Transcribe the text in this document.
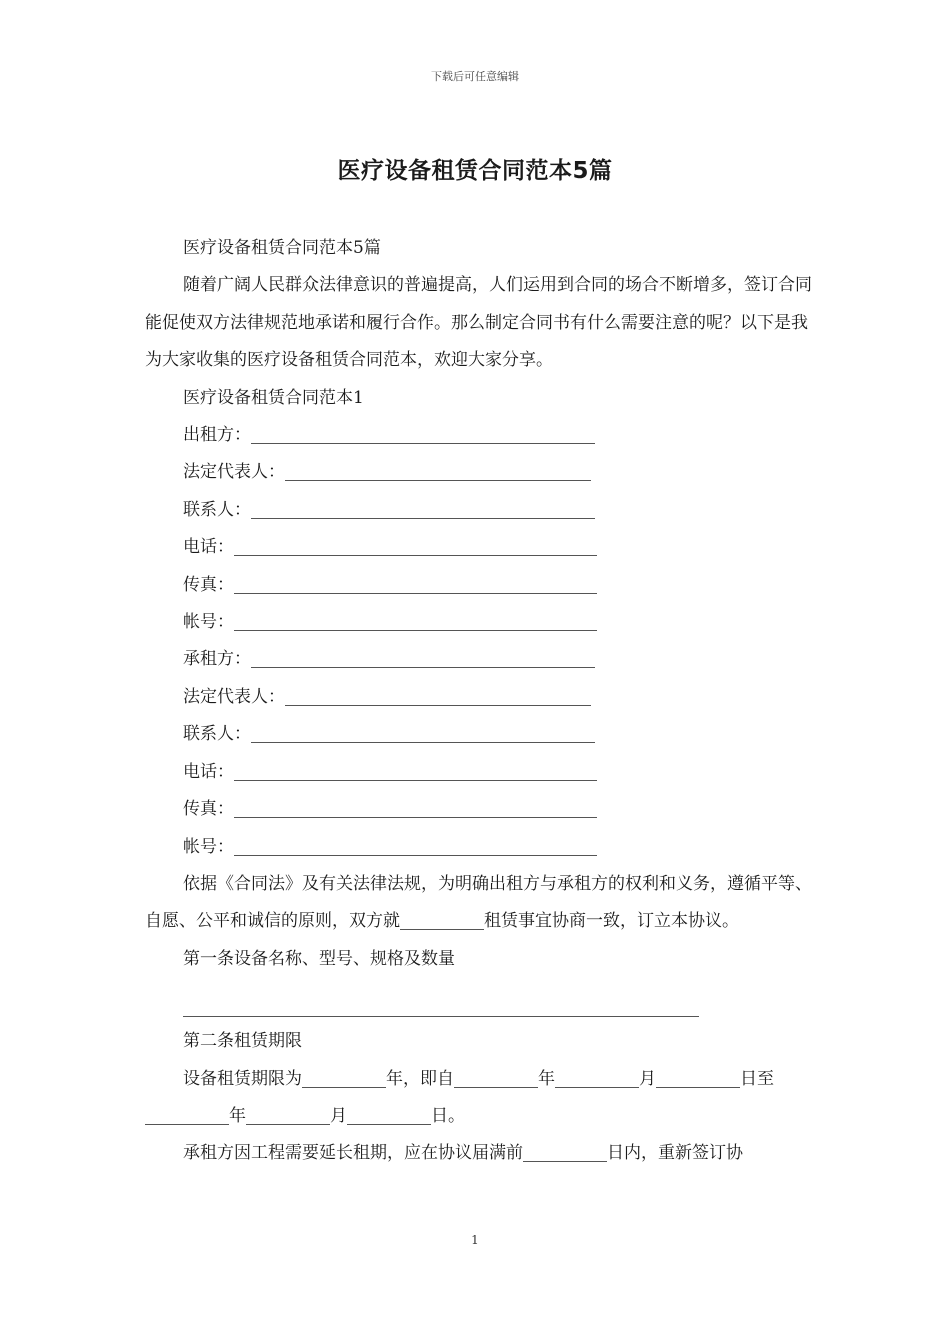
下载后可任意编辑
医疗设备租赁合同范本5篇

医疗设备租赁合同范本5篇

随着广阔人民群众法律意识的普遍提高，人们运用到合同的场合不断增多，签订合同能促使双方法律规范地承诺和履行合作。那么制定合同书有什么需要注意的呢？以下是我为大家收集的医疗设备租赁合同范本，欢迎大家分享。

医疗设备租赁合同范本1

出租方：

法定代表人：

联系人：

电话：

传真：

帐号：

承租方：

法定代表人：

联系人：

电话：

传真：

帐号：

依据《合同法》及有关法律法规，为明确出租方与承租方的权利和义务，遵循平等、自愿、公平和诚信的原则，双方就	租赁事宜协商一致，订立本协议。

第一条设备名称、型号、规格及数量

第二条租赁期限

设备租赁期限为	年，即自	年	月	日至年	月	日。

承租方因工程需要延长租期，应在协议届满前	日内，重新签订协

1
